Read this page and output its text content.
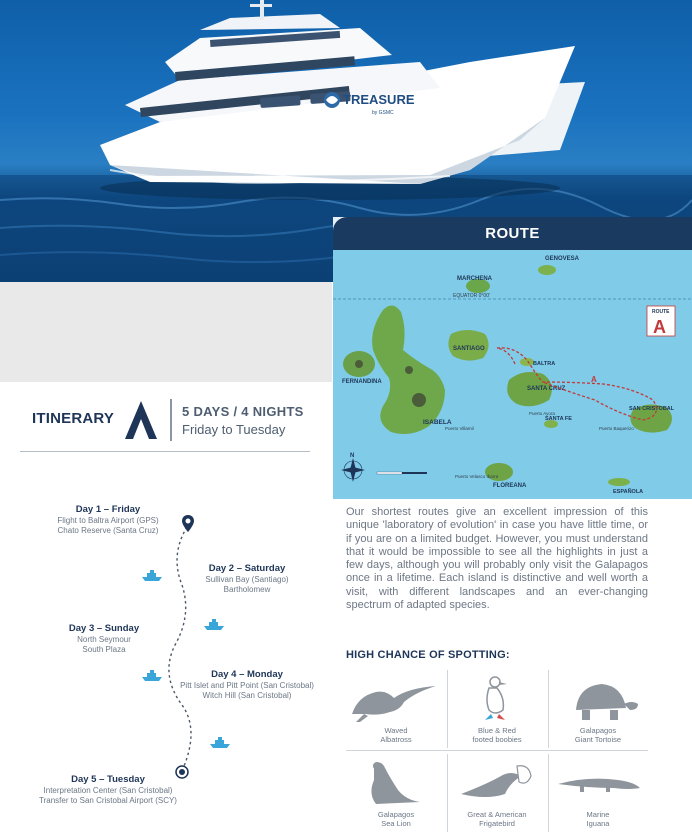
TREASURE
by GSMC
ITINERARY	5 DAYS / 4 NIGHTS
Friday to Tuesday
Day 1 – Friday
Flight to Baltra Airport (GPS)
Chato Reserve (Santa Cruz)
Day 2 – Saturday
Sullivan Bay (Santiago)
Bartholomew
Day 3 – Sunday
North Seymour
South Plaza
Day 4 – Monday
Pitt Islet and Pitt Point (San Cristobal)
Witch Hill (San Cristobal)
Day 5 – Tuesday
Interpretation Center (San Cristobal)
Transfer to San Cristobal Airport (SCY)
ROUTE
EQUATOR 0°00'
GENOVESA
MARCHENA
ISABELA
FERNANDINA
SANTIAGO
BALTRA
SANTA CRUZ
Puerto Ayora
SANTA FE
SAN CRISTOBAL
Puerto Baquerizo
Puerto Villamil
FLOREANA
Puerto Velasco Ibarra
ESPAÑOLA
A
ROUTE
A
N
Our shortest routes give an excellent impression of this unique 'laboratory of evolution' in case you have little time, or if you are on a limited budget. However, you must understand that it would be impossible to see all the highlights in just a few days, although you will probably only visit the Galapagos once in a lifetime. Each island is distinctive and well worth a visit, with different landscapes and an ever-changing spectrum of adapted species.
HIGH CHANCE OF SPOTTING:
Waved
Albatross
Blue & Red
footed boobies
Galapagos
Giant Tortoise
Galapagos
Sea Lion
Great & American
Frigatebird
Marine
Iguana
